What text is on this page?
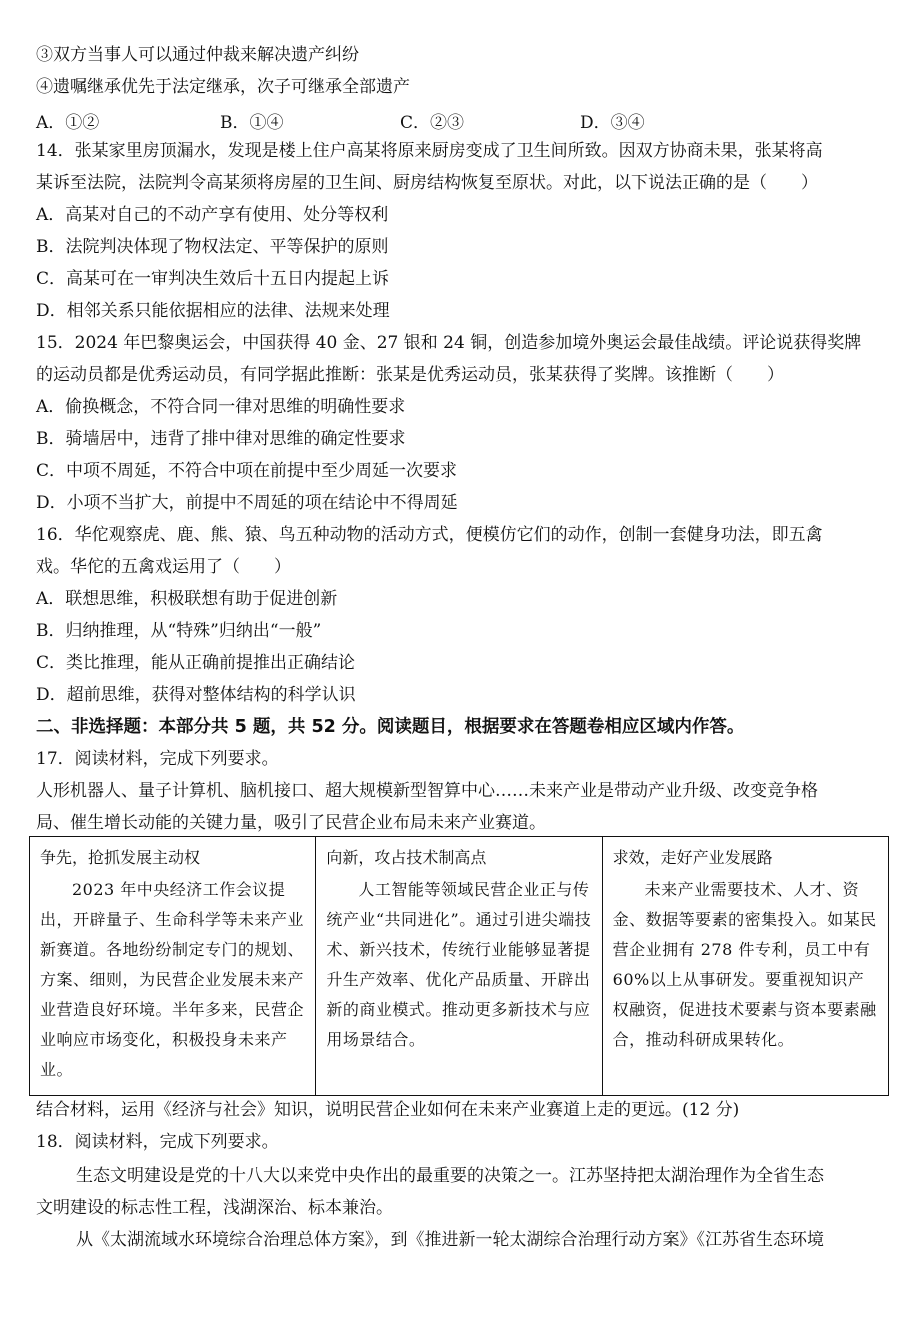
③双方当事人可以通过仲裁来解决遗产纠纷
④遗嘱继承优先于法定继承，次子可继承全部遗产
A．①②	B．①④	C．②③	D．③④
14．张某家里房顶漏水，发现是楼上住户高某将原来厨房变成了卫生间所致。因双方协商未果，张某将高
某诉至法院，法院判令高某须将房屋的卫生间、厨房结构恢复至原状。对此，以下说法正确的是（　　）
A．高某对自己的不动产享有使用、处分等权利
B．法院判决体现了物权法定、平等保护的原则
C．高某可在一审判决生效后十五日内提起上诉
D．相邻关系只能依据相应的法律、法规来处理
15．2024 年巴黎奥运会，中国获得 40 金、27 银和 24 铜，创造参加境外奥运会最佳战绩。评论说获得奖牌
的运动员都是优秀运动员，有同学据此推断：张某是优秀运动员，张某获得了奖牌。该推断（　　）
A．偷换概念，不符合同一律对思维的明确性要求
B．骑墙居中，违背了排中律对思维的确定性要求
C．中项不周延，不符合中项在前提中至少周延一次要求
D．小项不当扩大，前提中不周延的项在结论中不得周延
16．华佗观察虎、鹿、熊、猿、鸟五种动物的活动方式，便模仿它们的动作，创制一套健身功法，即五禽
戏。华佗的五禽戏运用了（　　）
A．联想思维，积极联想有助于促进创新
B．归纳推理，从“特殊”归纳出“一般”
C．类比推理，能从正确前提推出正确结论
D．超前思维，获得对整体结构的科学认识
二、非选择题：本部分共 5 题，共 52 分。阅读题目，根据要求在答题卷相应区域内作答。
17．阅读材料，完成下列要求。
人形机器人、量子计算机、脑机接口、超大规模新型智算中心……未来产业是带动产业升级、改变竞争格
局、催生增长动能的关键力量，吸引了民营企业布局未来产业赛道。
争先，抢抓发展主动权
2023 年中央经济工作会议提出，开辟量子、生命科学等未来产业新赛道。各地纷纷制定专门的规划、方案、细则，为民营企业发展未来产业营造良好环境。半年多来，民营企业响应市场变化，积极投身未来产业。

向新，攻占技术制高点
人工智能等领域民营企业正与传统产业“共同进化”。通过引进尖端技术、新兴技术，传统行业能够显著提升生产效率、优化产品质量、开辟出新的商业模式。推动更多新技术与应用场景结合。

求效，走好产业发展路
未来产业需要技术、人才、资金、数据等要素的密集投入。如某民营企业拥有 278 件专利，员工中有 60%以上从事研发。要重视知识产权融资，促进技术要素与资本要素融合，推动科研成果转化。
结合材料，运用《经济与社会》知识，说明民营企业如何在未来产业赛道上走的更远。(12 分)
18．阅读材料，完成下列要求。
生态文明建设是党的十八大以来党中央作出的最重要的决策之一。江苏坚持把太湖治理作为全省生态
文明建设的标志性工程，浅湖深治、标本兼治。
从《太湖流域水环境综合治理总体方案》，到《推进新一轮太湖综合治理行动方案》《江苏省生态环境
